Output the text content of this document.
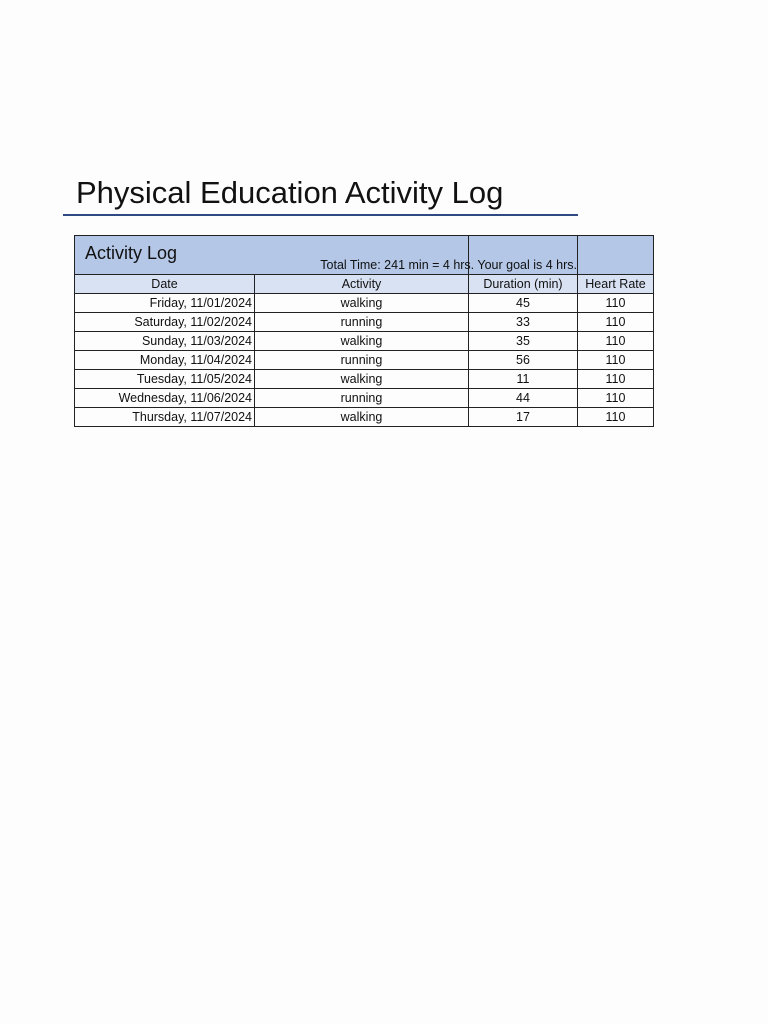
Physical Education Activity Log
Activity Log			

Date	Activity	Duration (min)	Heart Rate
Friday, 11/01/2024	walking	45	110
Saturday, 11/02/2024	running	33	110
Sunday, 11/03/2024	walking	35	110
Monday, 11/04/2024	running	56	110
Tuesday, 11/05/2024	walking	11	110
Wednesday, 11/06/2024	running	44	110
Thursday, 11/07/2024	walking	17	110
Total Time: 241 min = 4 hrs. Your goal is 4 hrs.
